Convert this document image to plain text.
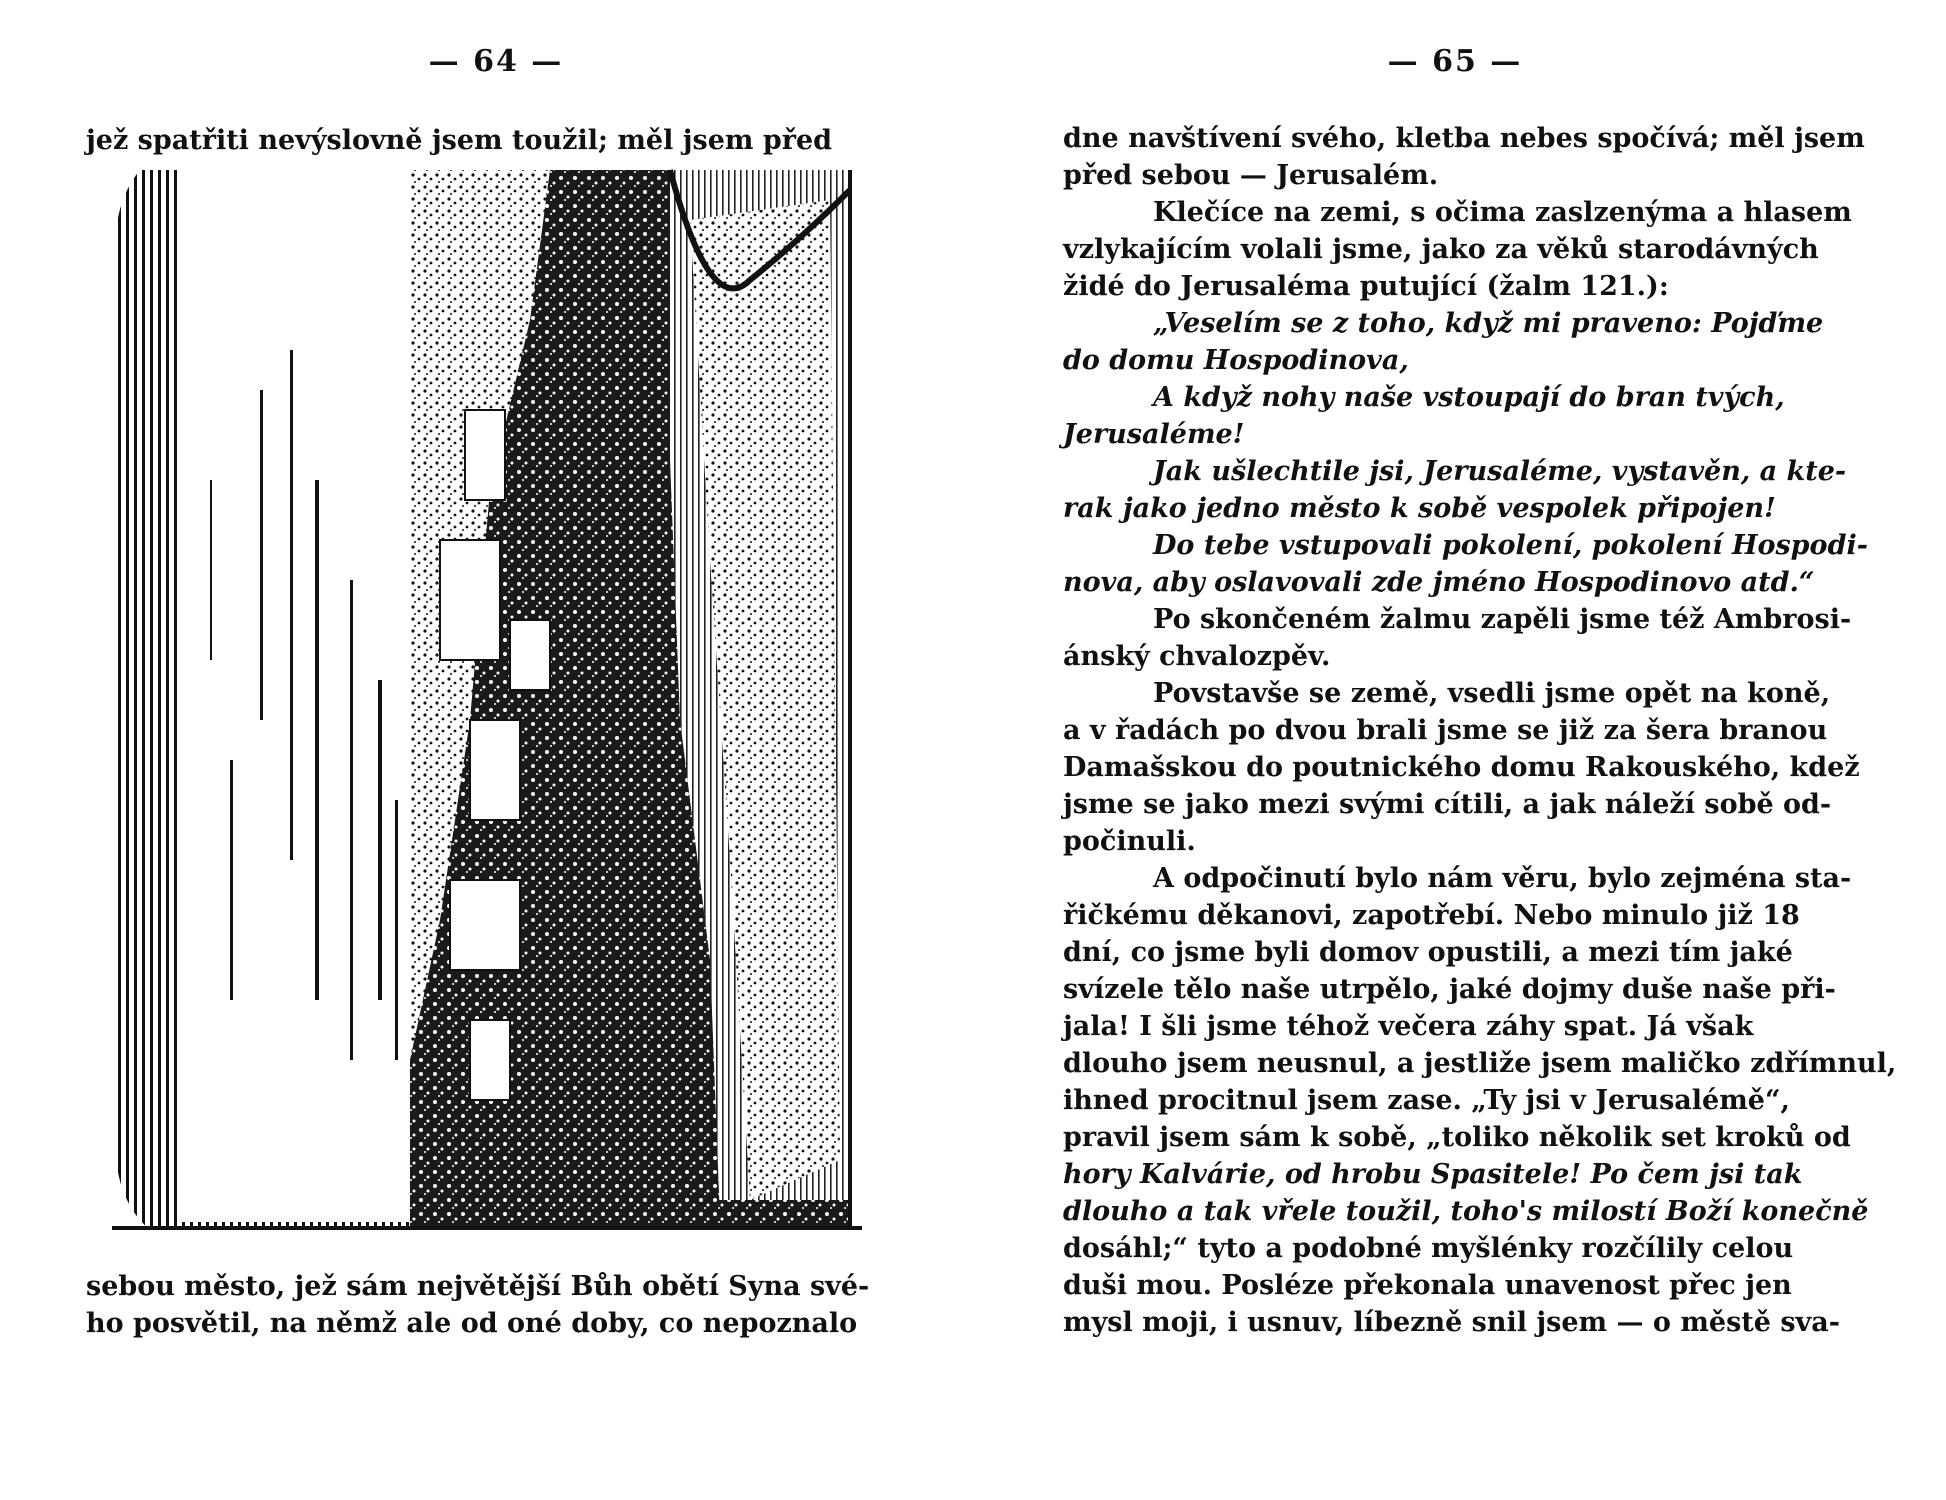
— 64 —
jež spatřiti nevýslovně jsem toužil; měl jsem před
sebou město, jež sám největější Bůh obětí Syna své-
ho posvětil, na němž ale od oné doby, co nepoznalo
— 65 —
dne navštívení svého, kletba nebes spočívá; měl jsem
před sebou — Jerusalém.
Klečíce na zemi, s očima zaslzenýma a hlasem
vzlykajícím volali jsme, jako za věků starodávných
židé do Jerusaléma putující (žalm 121.):
„Veselím se z toho, když mi praveno: Pojďme
do domu Hospodinova,
A když nohy naše vstoupají do bran tvých,
Jerusaléme!
Jak ušlechtile jsi, Jerusaléme, vystavěn, a kte-
rak jako jedno město k sobě vespolek připojen!
Do tebe vstupovali pokolení, pokolení Hospodi-
nova, aby oslavovali zde jméno Hospodinovo atd.“
Po skončeném žalmu zapěli jsme též Ambrosi-
ánský chvalozpěv.
Povstavše se země, vsedli jsme opět na koně,
a v řadách po dvou brali jsme se již za šera branou
Damašskou do poutnického domu Rakouského, kdež
jsme se jako mezi svými cítili, a jak náleží sobě od-
počinuli.
A odpočinutí bylo nám věru, bylo zejména sta-
řičkému děkanovi, zapotřebí. Nebo minulo již 18
dní, co jsme byli domov opustili, a mezi tím jaké
svízele tělo naše utrpělo, jaké dojmy duše naše při-
jala! I šli jsme téhož večera záhy spat. Já však
dlouho jsem neusnul, a jestliže jsem maličko zdřímnul,
ihned procitnul jsem zase. „Ty jsi v Jerusalémě“,
pravil jsem sám k sobě, „toliko několik set kroků od
hory Kalvárie, od hrobu Spasitele! Po čem jsi tak
dlouho a tak vřele toužil, toho's milostí Boží konečně
dosáhl;“ tyto a podobné myšlénky rozčílily celou
duši mou. Posléze překonala unavenost přec jen
mysl moji, i usnuv, líbezně snil jsem — o městě sva-
